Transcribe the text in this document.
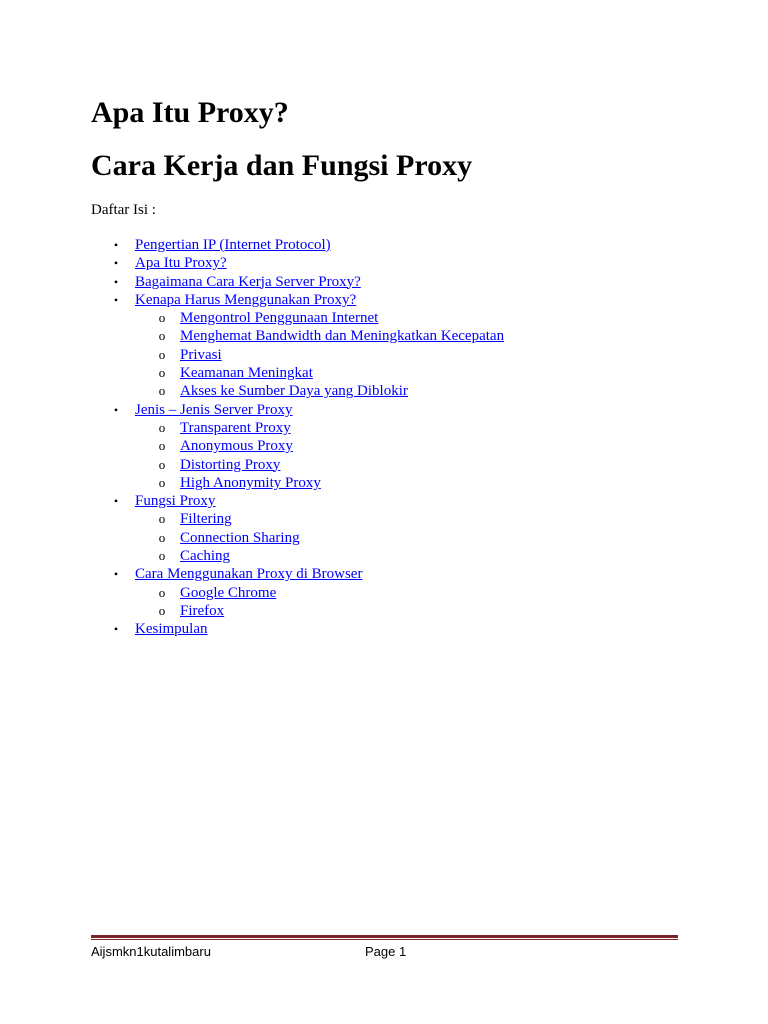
Apa Itu Proxy?
Cara Kerja dan Fungsi Proxy
Daftar Isi :
•	Pengertian IP (Internet Protocol)
•	Apa Itu Proxy?
•	Bagaimana Cara Kerja Server Proxy?
•	Kenapa Harus Menggunakan Proxy?
o Mengontrol Penggunaan Internet
o Menghemat Bandwidth dan Meningkatkan Kecepatan
o Privasi
o Keamanan Meningkat
o Akses ke Sumber Daya yang Diblokir
•	Jenis – Jenis Server Proxy
o Transparent Proxy
o Anonymous Proxy
o Distorting Proxy
o High Anonymity Proxy
•	Fungsi Proxy
o Filtering
o Connection Sharing
o Caching
•	Cara Menggunakan Proxy di Browser
o Google Chrome
o Firefox
•	Kesimpulan
Aijsmkn1kutalimbaru	Page 1
